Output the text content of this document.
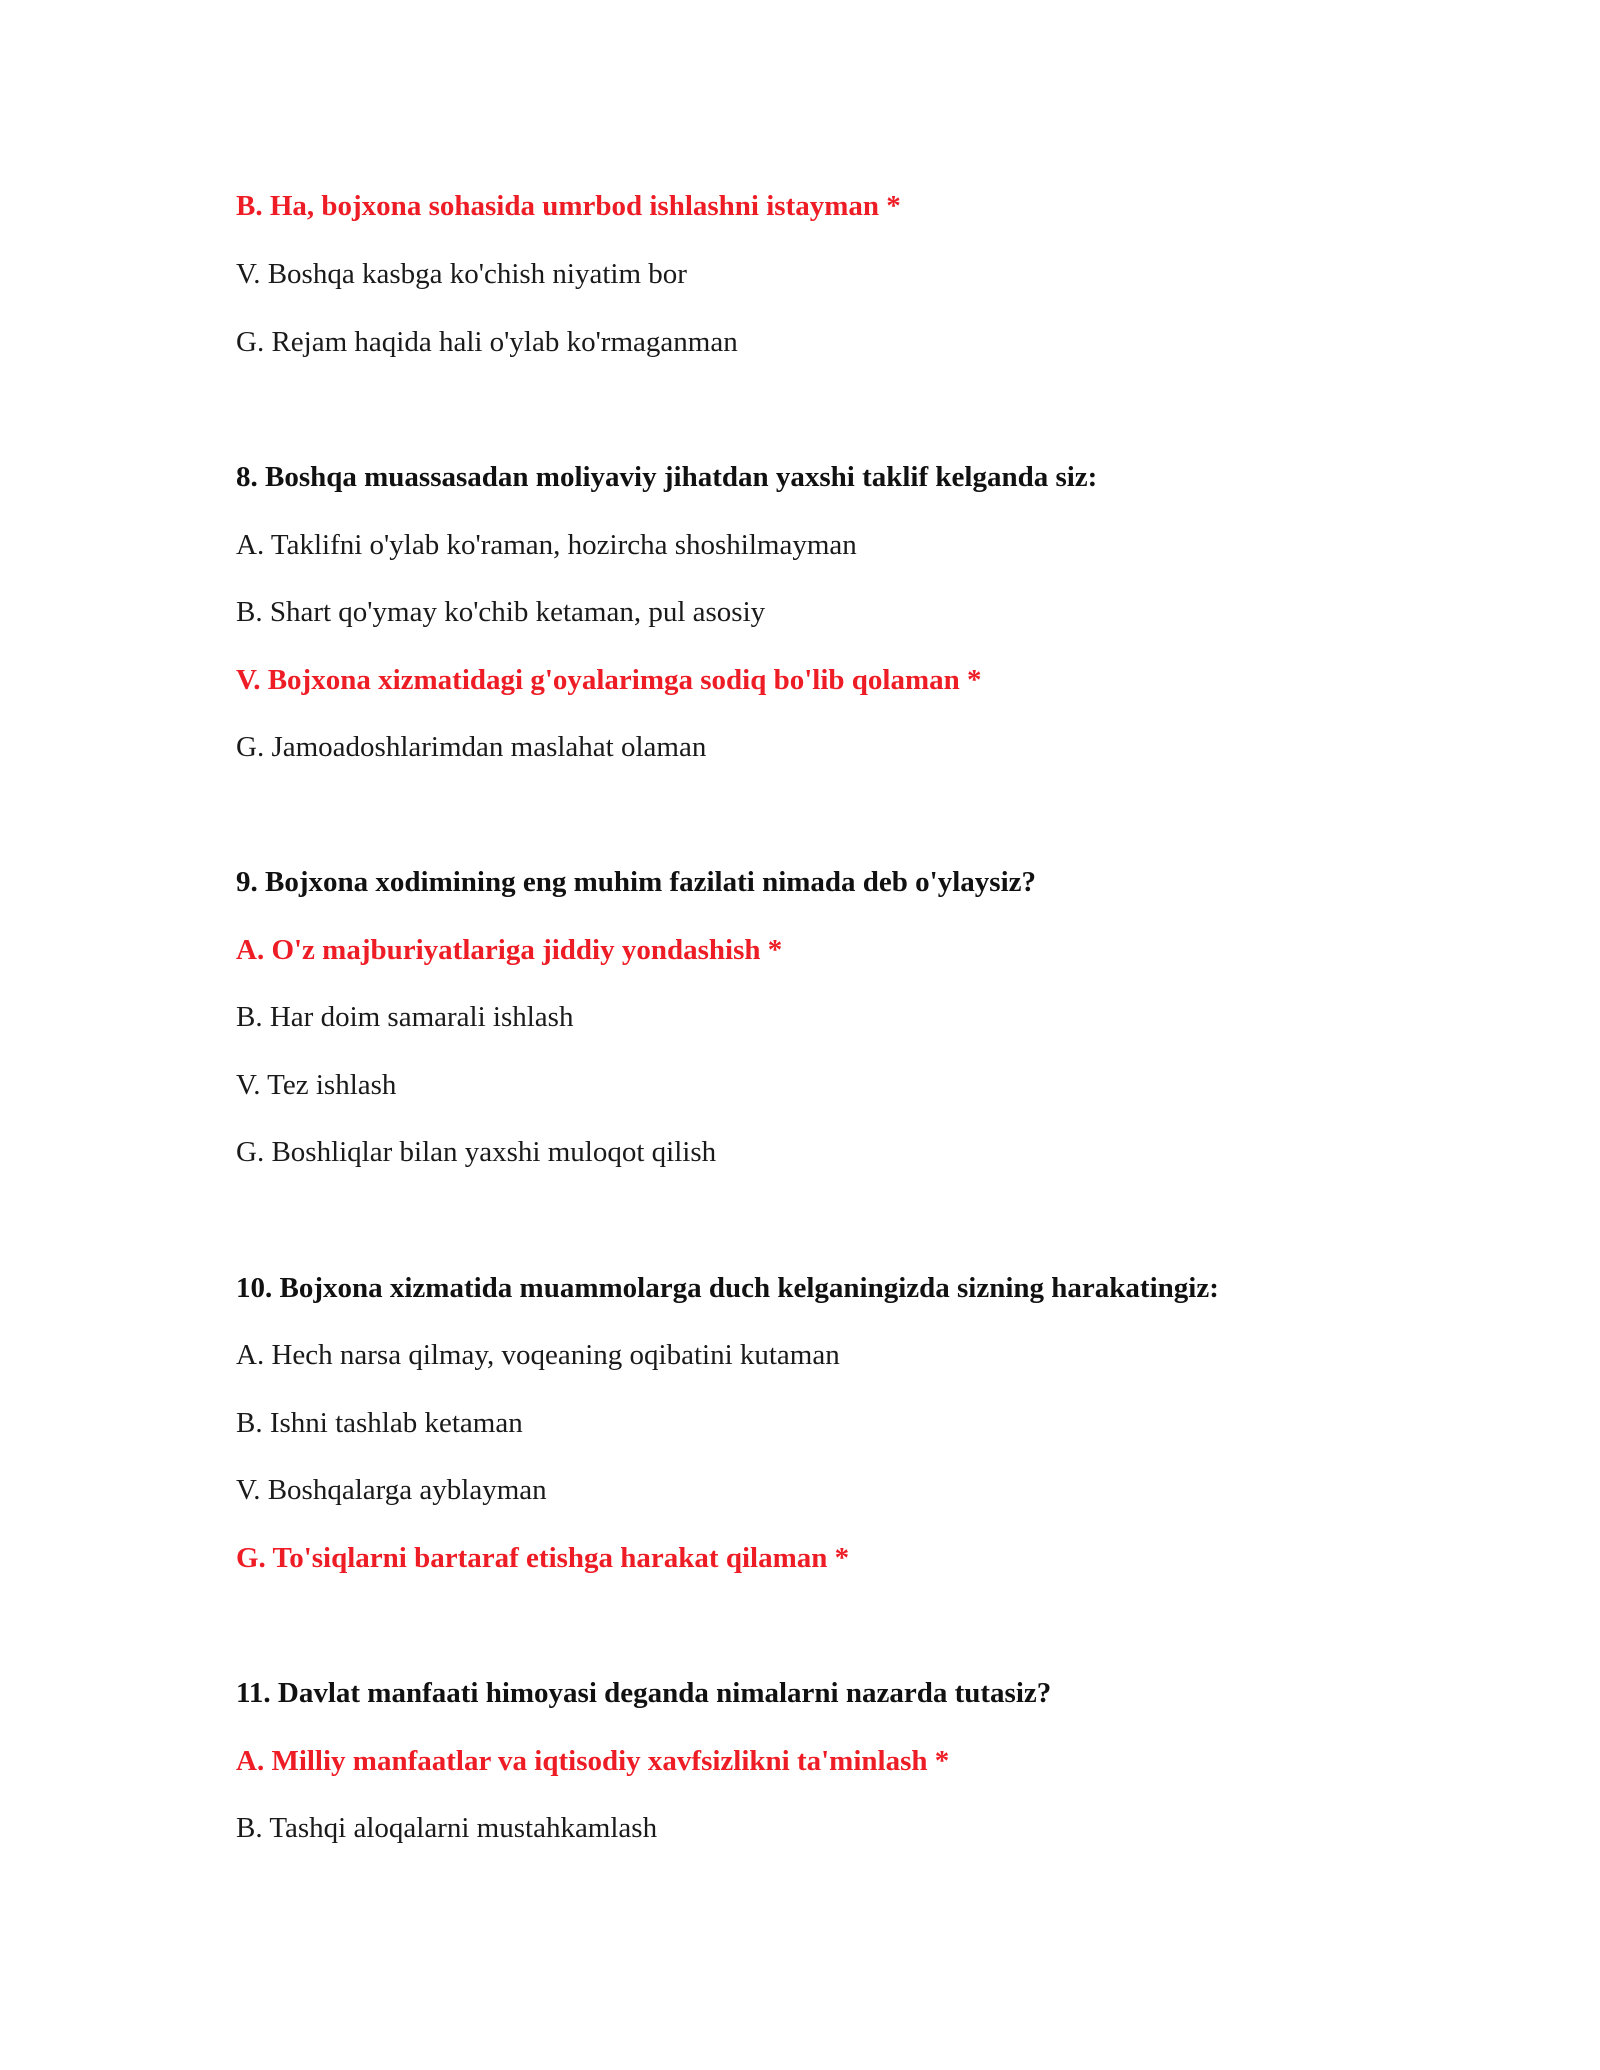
B. Ha, bojxona sohasida umrbod ishlashni istayman *
V. Boshqa kasbga ko'chish niyatim bor
G. Rejam haqida hali o'ylab ko'rmaganman
8. Boshqa muassasadan moliyaviy jihatdan yaxshi taklif kelganda siz:
A. Taklifni o'ylab ko'raman, hozircha shoshilmayman
B. Shart qo'ymay ko'chib ketaman, pul asosiy
V. Bojxona xizmatidagi g'oyalarimga sodiq bo'lib qolaman *
G. Jamoadoshlarimdan maslahat olaman
9. Bojxona xodimining eng muhim fazilati nimada deb o'ylaysiz?
A. O'z majburiyatlariga jiddiy yondashish *
B. Har doim samarali ishlash
V. Tez ishlash
G. Boshliqlar bilan yaxshi muloqot qilish
10. Bojxona xizmatida muammolarga duch kelganingizda sizning harakatingiz:
A. Hech narsa qilmay, voqeaning oqibatini kutaman
B. Ishni tashlab ketaman
V. Boshqalarga ayblayman
G. To'siqlarni bartaraf etishga harakat qilaman *
11. Davlat manfaati himoyasi deganda nimalarni nazarda tutasiz?
A. Milliy manfaatlar va iqtisodiy xavfsizlikni ta'minlash *
B. Tashqi aloqalarni mustahkamlash
